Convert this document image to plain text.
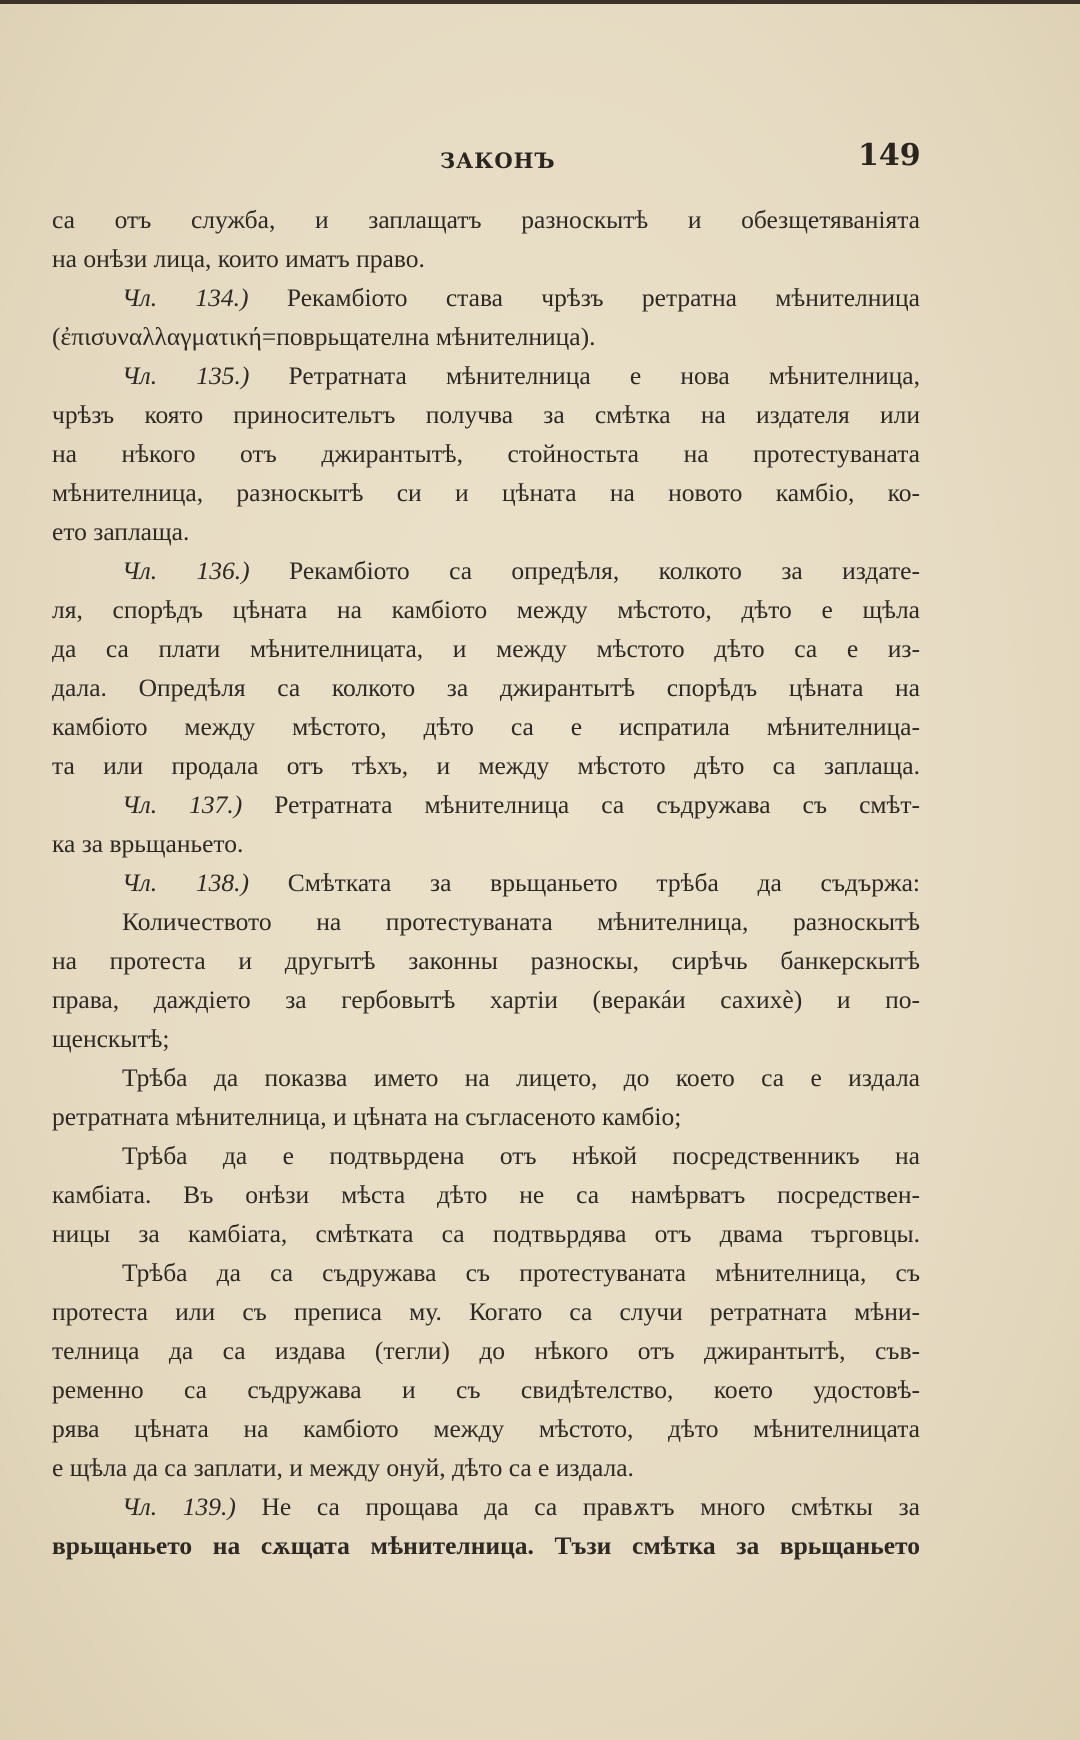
ЗАКОНЪ	149
са отъ служба, и заплащатъ разноскытѣ и обезщетяваніята
на онѣзи лица, които иматъ право.
Чл. 134.) Рекамбіото става чрѣзъ ретратна мѣнителница
(ἐπισυναλλαγματική=поврьщателна мѣнителница).
Чл. 135.) Ретратната мѣнителница е нова мѣнителница,
чрѣзъ която приносительтъ получва за смѣтка на издателя или
на нѣкого отъ джирантытѣ, стойностьта на протестуваната
мѣнителница, разноскытѣ си и цѣната на новото камбіо, ко-
ето заплаща.
Чл. 136.) Рекамбіото са опредѣля, колкото за издате-
ля, спорѣдъ цѣната на камбіото между мѣстото, дѣто е щѣла
да са плати мѣнителницата, и между мѣстото дѣто са е из-
дала. Опредѣля са колкото за джирантытѣ спорѣдъ цѣната на
камбіото между мѣстото, дѣто са е испратила мѣнителница-
та или продала отъ тѣхъ, и между мѣстото дѣто са заплаща.
Чл. 137.) Ретратната мѣнителница са съдружава съ смѣт-
ка за врьщаньето.
Чл. 138.) Смѣтката за врьщаньето трѣба да съдържа:
Количеството на протестуваната мѣнителница, разноскытѣ
на протеста и другытѣ законны разноскы, сирѣчь банкерскытѣ
права, даждіето за гербовытѣ хартіи (веракáи сахихè) и по-
щенскытѣ;
Трѣба да показва името на лицето, до което са е издала
ретратната мѣнителница, и цѣната на съгласеното камбіо;
Трѣба да е подтвьрдена отъ нѣкой посредственникъ на
камбіата. Въ онѣзи мѣста дѣто не са намѣрватъ посредствен-
ницы за камбіата, смѣтката са подтвьрдява отъ двама търговцы.
Трѣба да са съдружава съ протестуваната мѣнителница, съ
протеста или съ преписа му. Когато са случи ретратната мѣни-
телница да са издава (тегли) до нѣкого отъ джирантытѣ, съв-
ременно са съдружава и съ свидѣтелство, което удостовѣ-
рява цѣната на камбіото между мѣстото, дѣто мѣнителницата
е щѣла да са заплати, и между онуй, дѣто са е издала.
Чл. 139.) Не са прощава да са правѫтъ много смѣткы за
врьщаньето на сѫщата мѣнителница. Тъзи смѣтка за врьщаньето
